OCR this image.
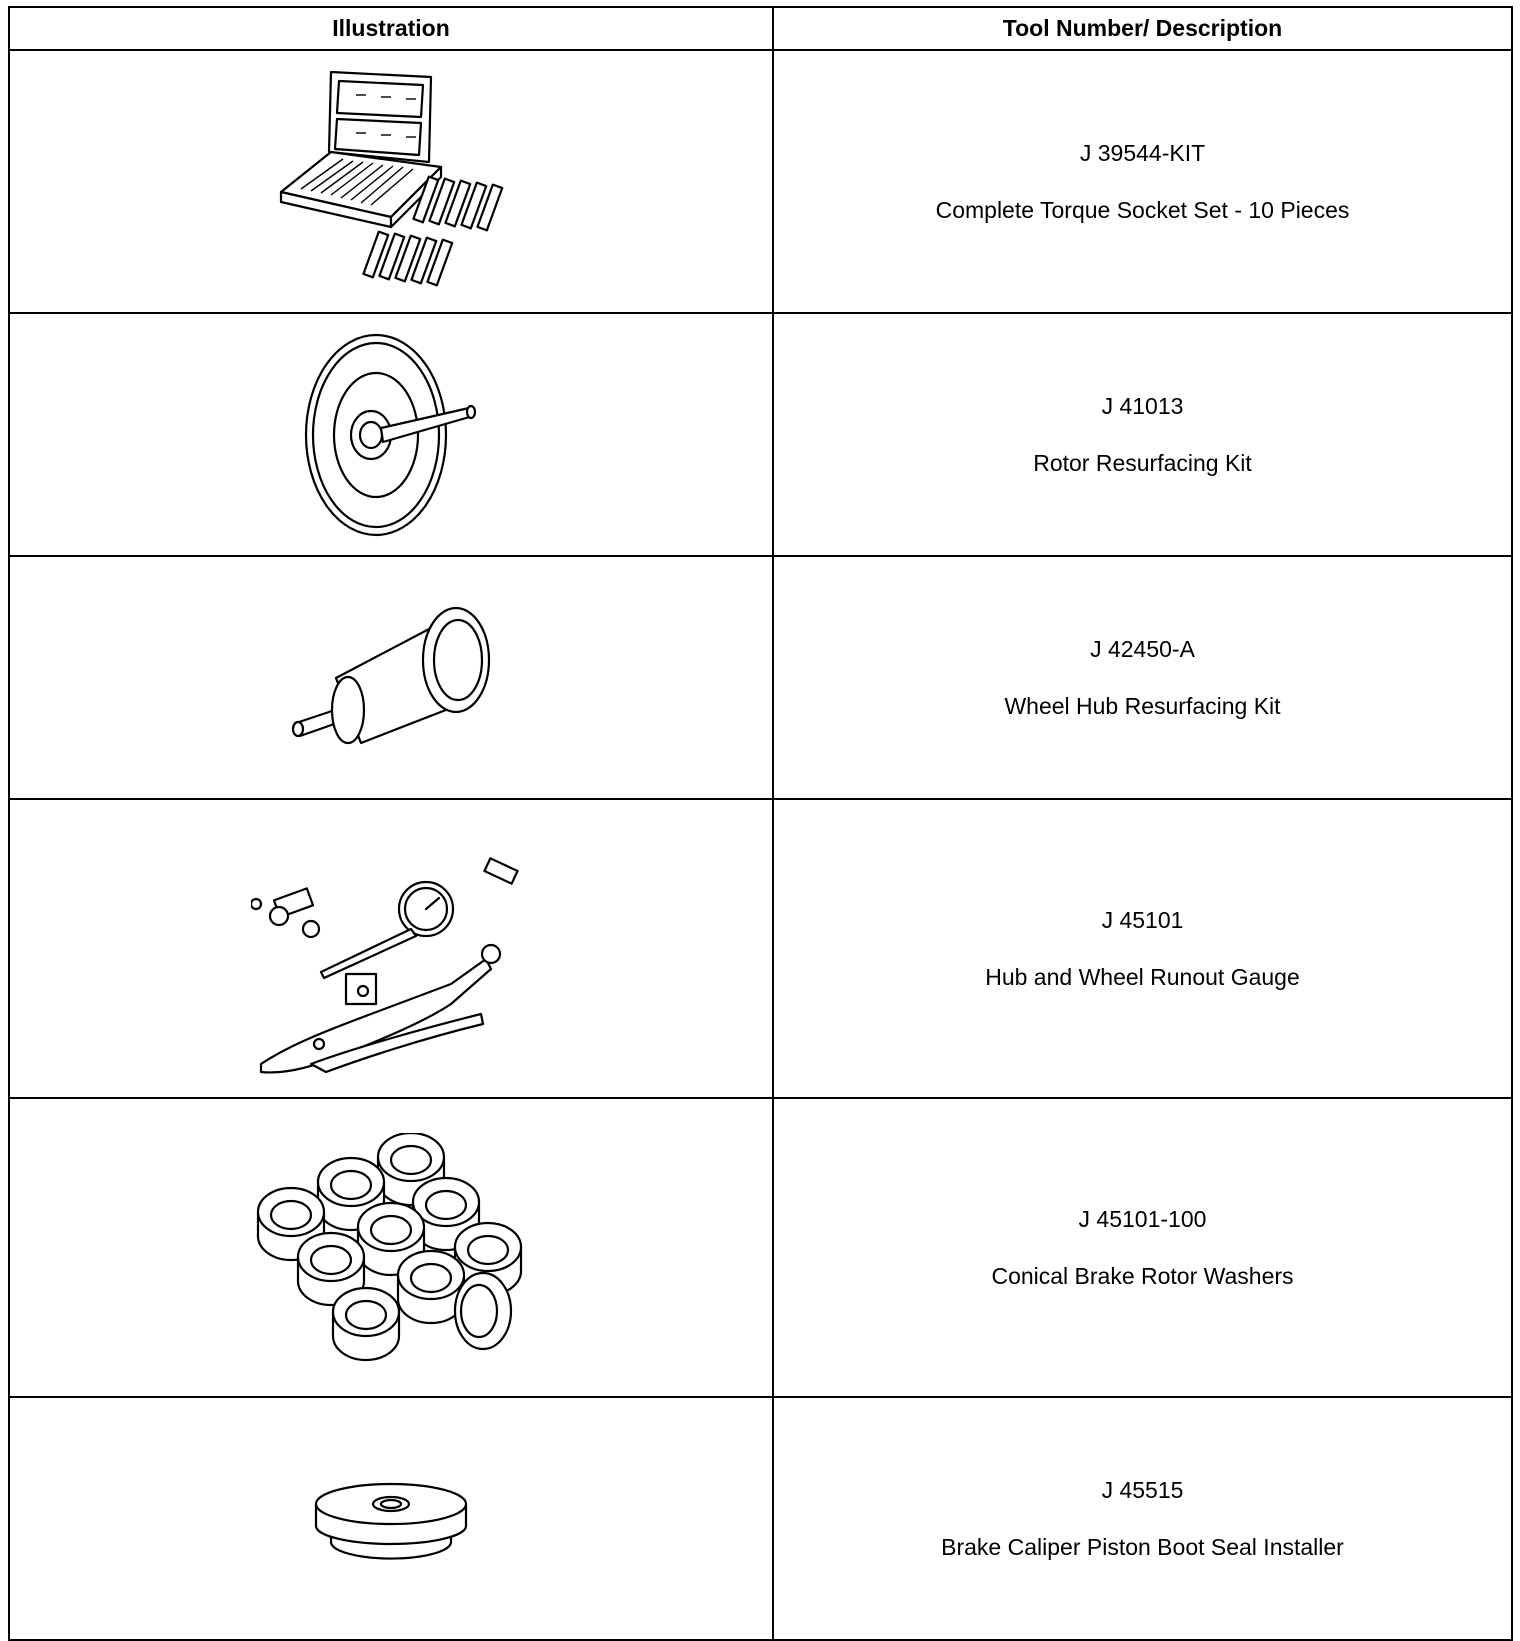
Illustration	Tool Number/ Description

J 39544-KIT
Complete Torque Socket Set - 10 Pieces

J 41013
Rotor Resurfacing Kit

J 42450-A
Wheel Hub Resurfacing Kit

J 45101
Hub and Wheel Runout Gauge

J 45101-100
Conical Brake Rotor Washers

J 45515
Brake Caliper Piston Boot Seal Installer
